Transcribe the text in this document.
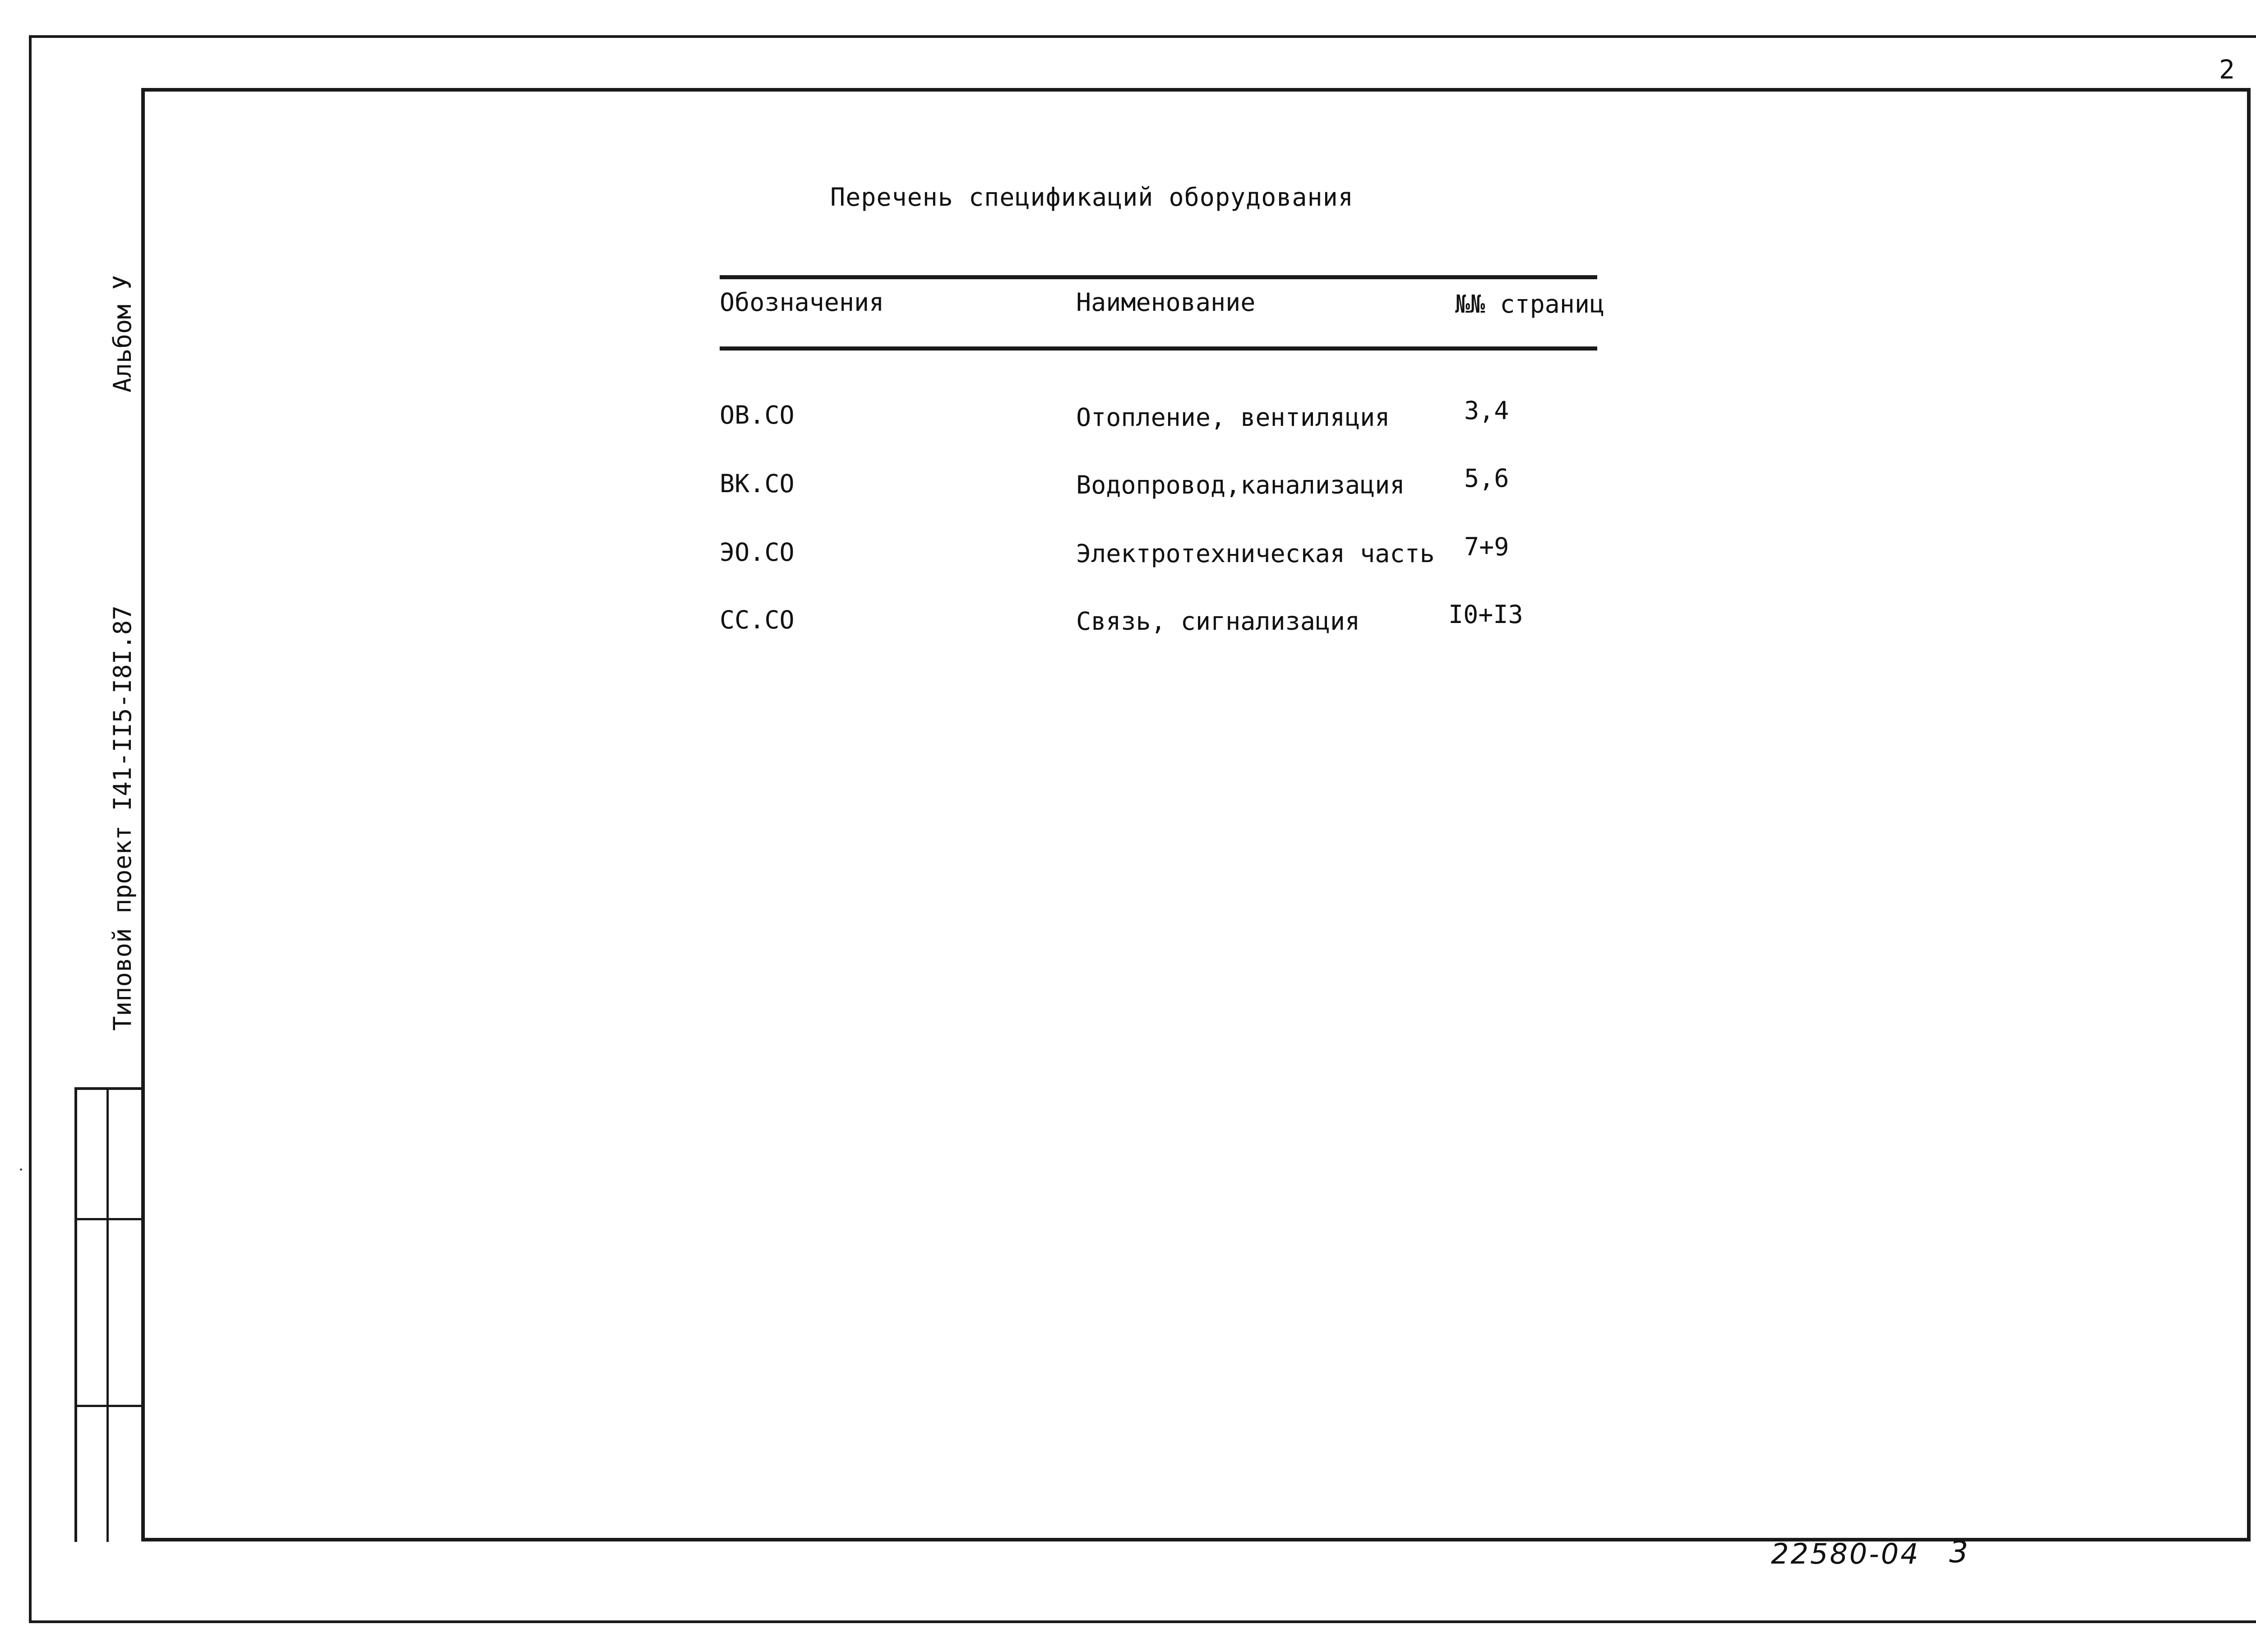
Альбом У
Типовой проект I41-II5-I8I.87
2
Перечень спецификаций оборудования
Обозначения	Наименование	№№ страниц
ОВ.СО	Отопление, вентиляция	3,4
ВК.СО	Водопровод,канализация 5,6
ЭО.СО	Электротехническая часть 7+9
СС.СО	Связь, сигнализация	I0+I3
22580-04 3
